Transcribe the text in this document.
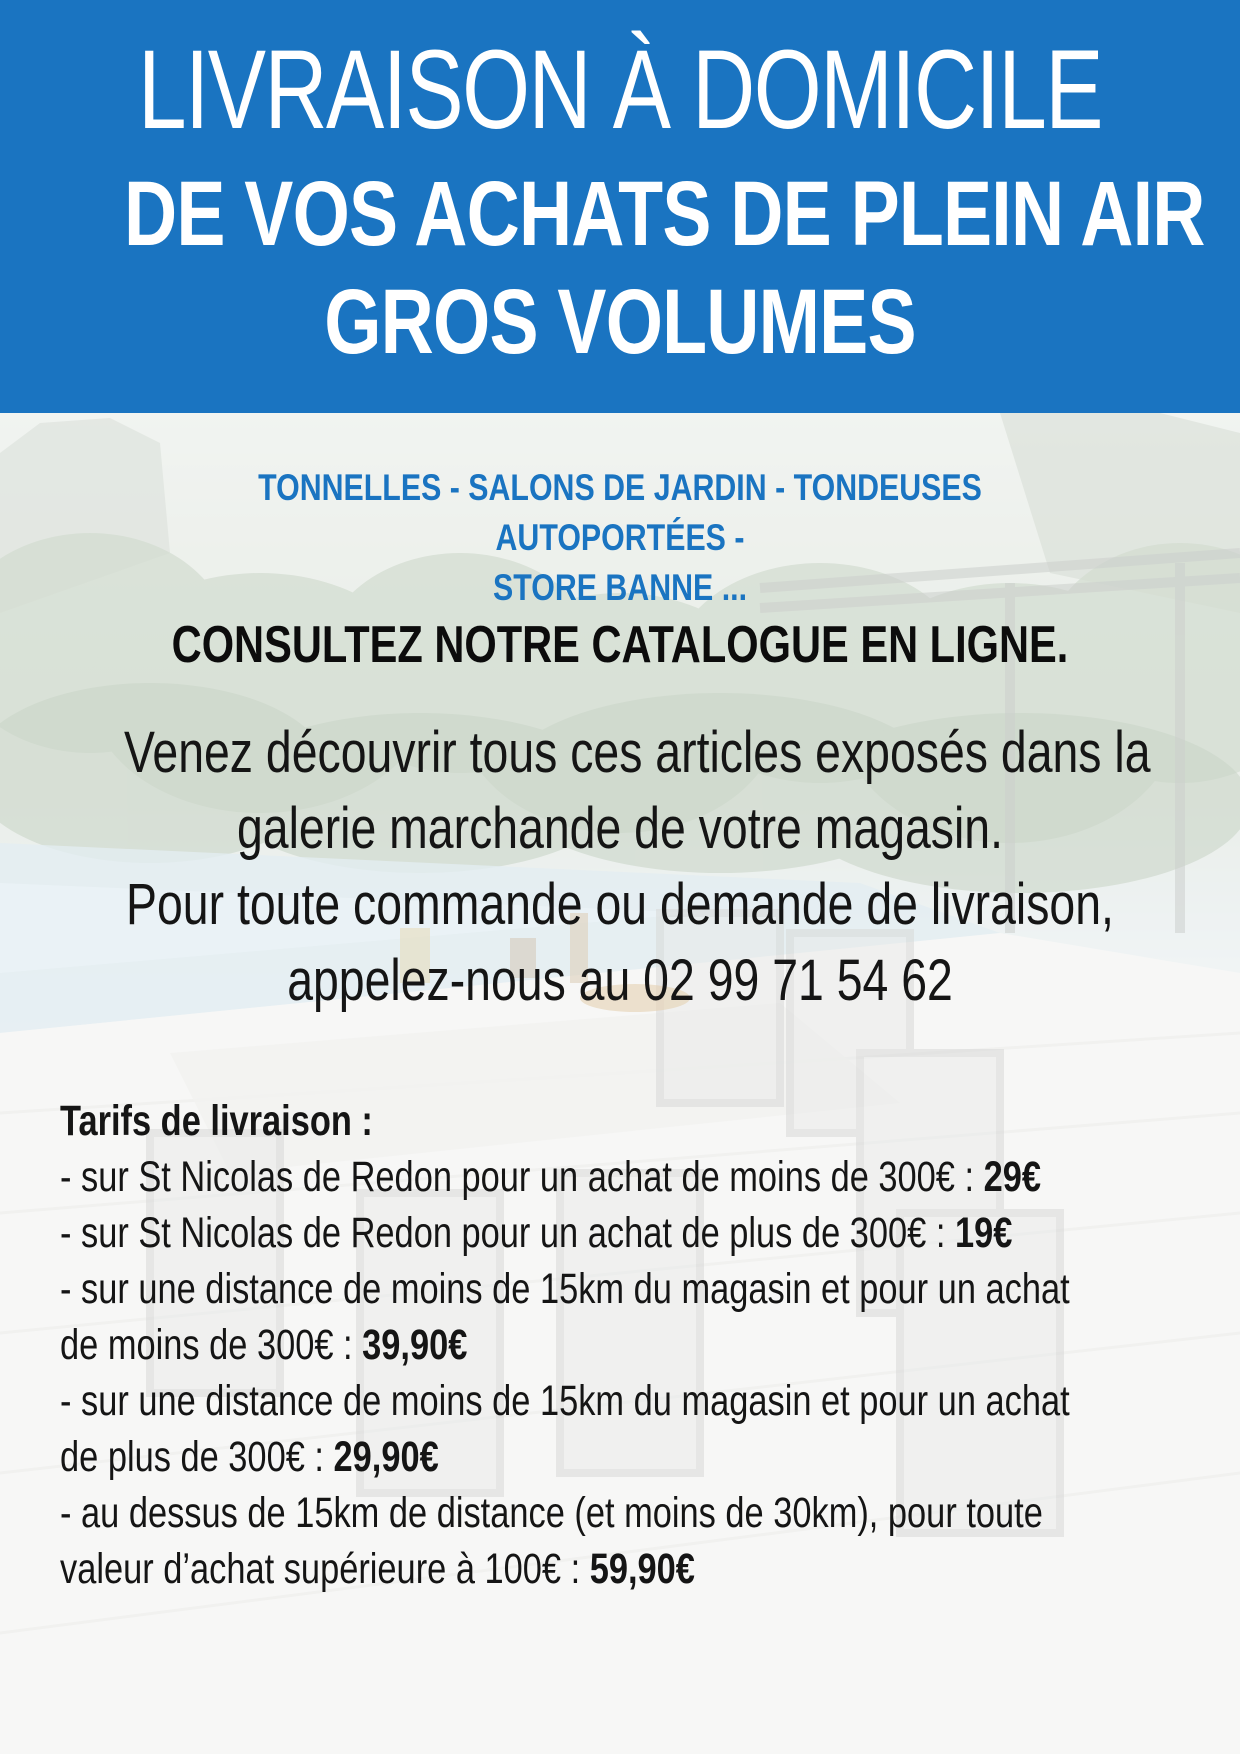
LIVRAISON À DOMICILE
DE VOS ACHATS DE PLEIN AIR
GROS VOLUMES
TONNELLES - SALONS DE JARDIN - TONDEUSES AUTOPORTÉES -
STORE BANNE ...
CONSULTEZ NOTRE CATALOGUE EN LIGNE.
Venez découvrir tous ces articles exposés dans la
galerie marchande de votre magasin.
Pour toute commande ou demande de livraison,
appelez-nous au 02 99 71 54 62
Tarifs de livraison :
- sur St Nicolas de Redon pour un achat de moins de 300€ : 29€
- sur St Nicolas de Redon pour un achat de plus de 300€ : 19€
- sur une distance de moins de 15km du magasin et pour un achat
de moins de 300€ : 39,90€
- sur une distance de moins de 15km du magasin et pour un achat
de plus de 300€ : 29,90€
- au dessus de 15km de distance (et moins de 30km), pour toute
valeur d’achat supérieure à 100€ : 59,90€
